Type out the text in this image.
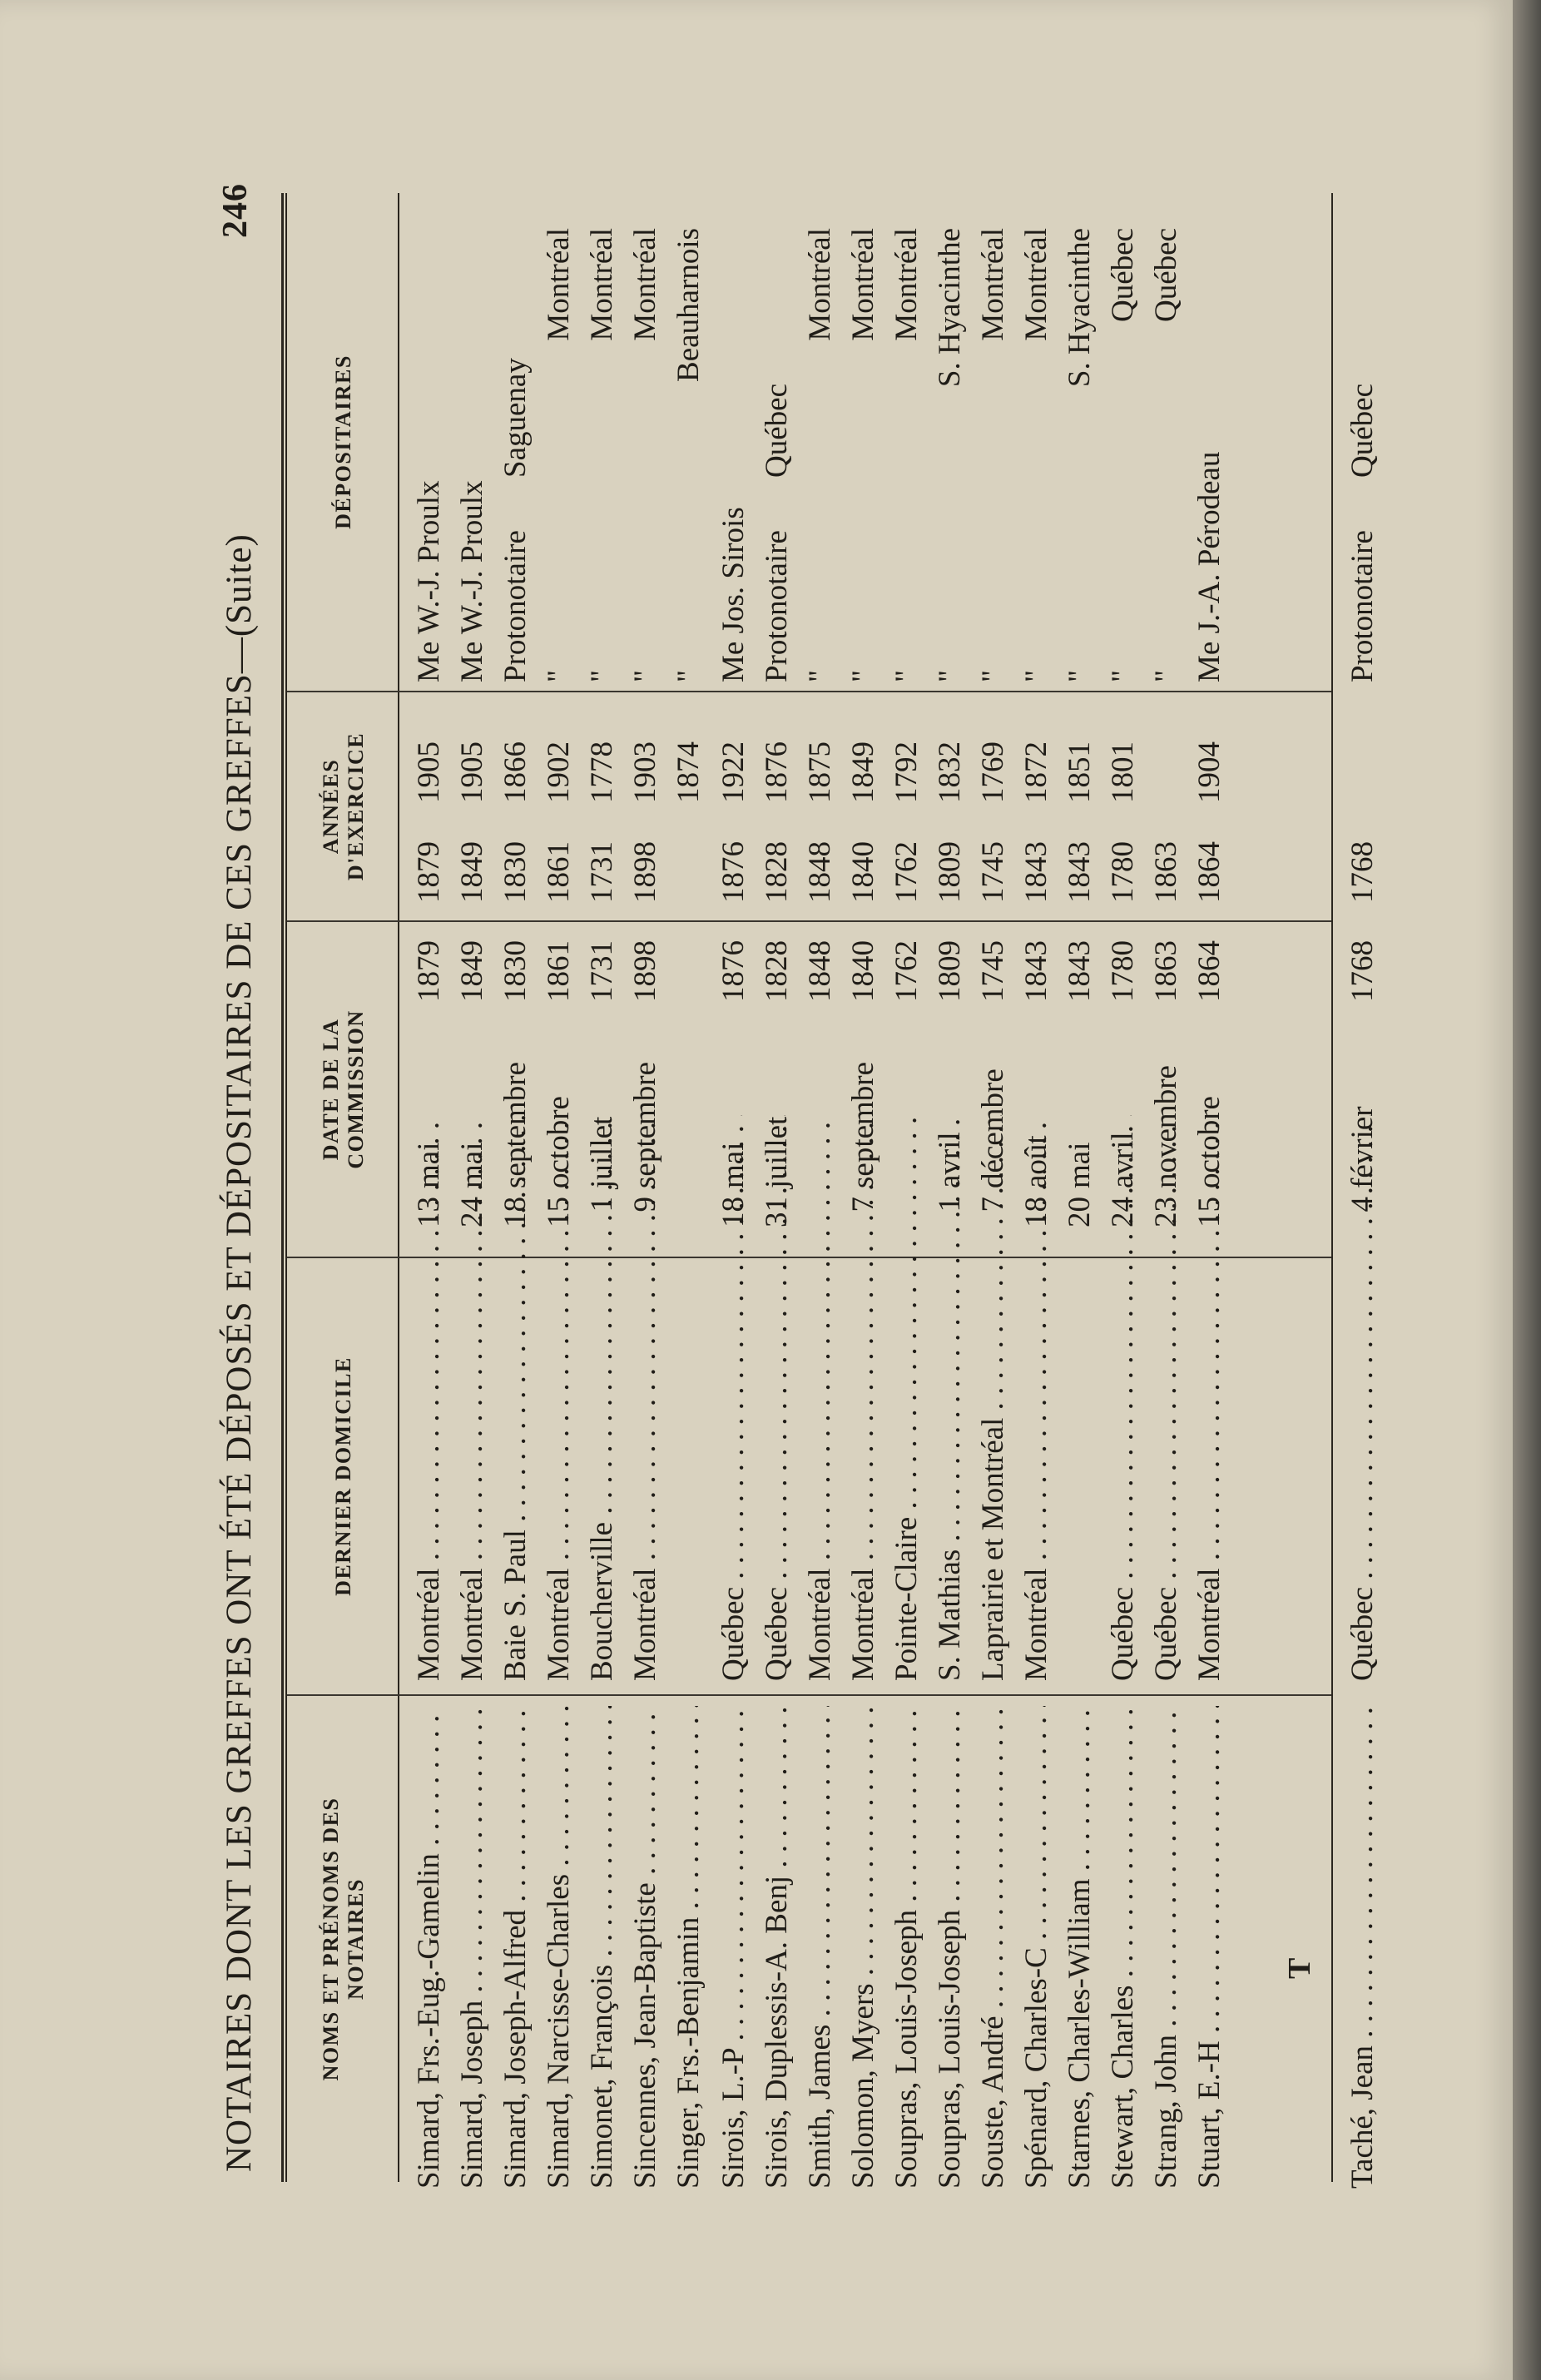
NOTAIRES DONT LES GREFFES ONT ÉTÉ DÉPOSÉS ET DÉPOSITAIRES DE CES GREFFES—(Suite)
246
NOMS ET PRÉNOMS DES NOTAIRES
DERNIER DOMICILE
DATE DE LA COMMISSION
ANNÉES D'EXERCICE
DÉPOSITAIRES
Simard, Frs.-Eug.-Gamelin . . .
Montréal . . .
13
mai
1879
1879
1905
Me W.-J. Proulx
Simard, Joseph . . .
Montréal . . .
24
mai
1849
1849
1905
Me W.-J. Proulx
Simard, Joseph-Alfred . . .
Baie S. Paul . . .
18
septembre
1830
1830
1866
Protonotaire
Saguenay
Simard, Narcisse-Charles . . .
Montréal . . .
15
octobre
1861
1861
1902
"
Montréal
Simonet, François . . .
Boucherville . . .
1
juillet
1731
1731
1778
"
Montréal
Sincennes, Jean-Baptiste . . .
Montréal . . .
9
septembre
1898
1898
1903
"
Montréal
Singer, Frs.-Benjamin . . .
1874
"
Beauharnois
Sirois, L.-P . . .
Québec . . .
18
mai
1876
1876
1922
Me Jos. Sirois
Sirois, Duplessis-A. Benj . . .
Québec . . .
31
juillet
1828
1828
1876
Protonotaire
Québec
Smith, James . . .
Montréal . . .
1848
1848
1875
"
Montréal
Solomon, Myers . . .
Montréal . . .
7
septembre
1840
1840
1849
"
Montréal
Soupras, Louis-Joseph . . .
Pointe-Claire . . .
1762
1762
1792
"
Montréal
Soupras, Louis-Joseph . . .
S. Mathias . . .
1
avril
1809
1809
1832
"
S. Hyacinthe
Souste, André . . .
Laprairie et Montréal . . .
7
décembre
1745
1745
1769
"
Montréal
Spénard, Charles-C . . .
Montréal . . .
18
août
1843
1843
1872
"
Montréal
Starnes, Charles-William . . .
20
mai
1843
1843
1851
"
S. Hyacinthe
Stewart, Charles . . .
Québec . . .
24
avril
1780
1780
1801
"
Québec
Strang, John . . .
Québec . . .
23
novembre
1863
1863
"
Québec
Stuart, E.-H . . .
Montréal . . .
15
octobre
1864
1864
1904
Me J.-A. Pérodeau
Taché, Jean . . .
Québec . . .
4
février
1768
1768
Protonotaire
Québec
T
